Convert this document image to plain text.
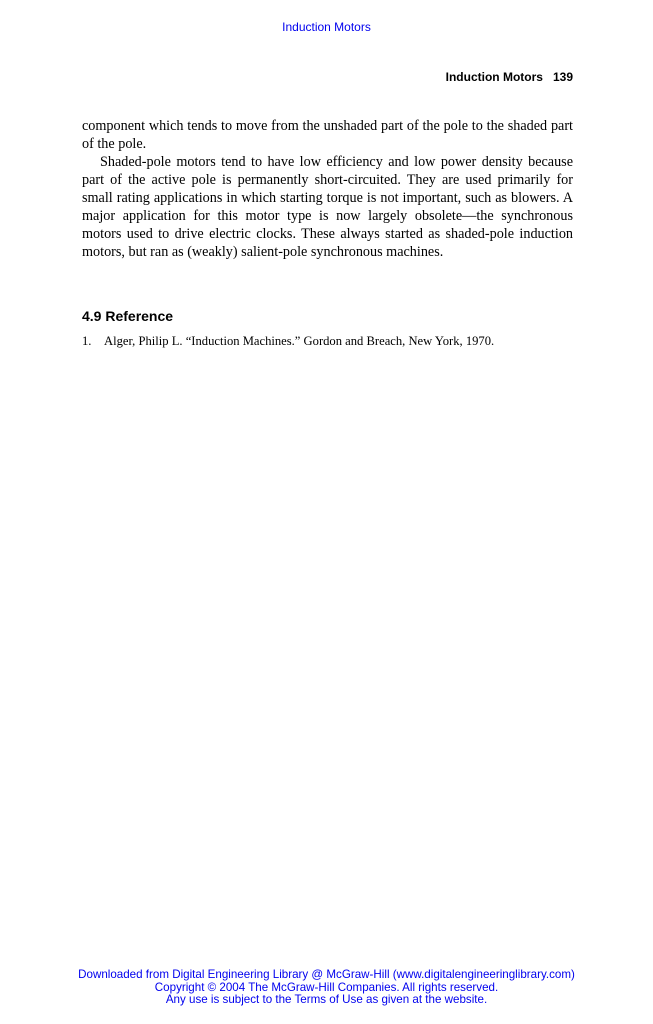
Induction Motors
Induction Motors 139

component which tends to move from the unshaded part of the pole to the shaded part of the pole.

Shaded-pole motors tend to have low efficiency and low power density because part of the active pole is permanently short-circuited. They are used primarily for small rating applications in which starting torque is not important, such as blowers. A major application for this motor type is now largely obsolete—the synchronous motors used to drive electric clocks. These always started as shaded-pole induction motors, but ran as (weakly) salient-pole synchronous machines.

4.9 Reference
1. Alger, Philip L. “Induction Machines.” Gordon and Breach, New York, 1970.
Downloaded from Digital Engineering Library @ McGraw-Hill (www.digitalengineeringlibrary.com)
Copyright © 2004 The McGraw-Hill Companies. All rights reserved.
Any use is subject to the Terms of Use as given at the website.
